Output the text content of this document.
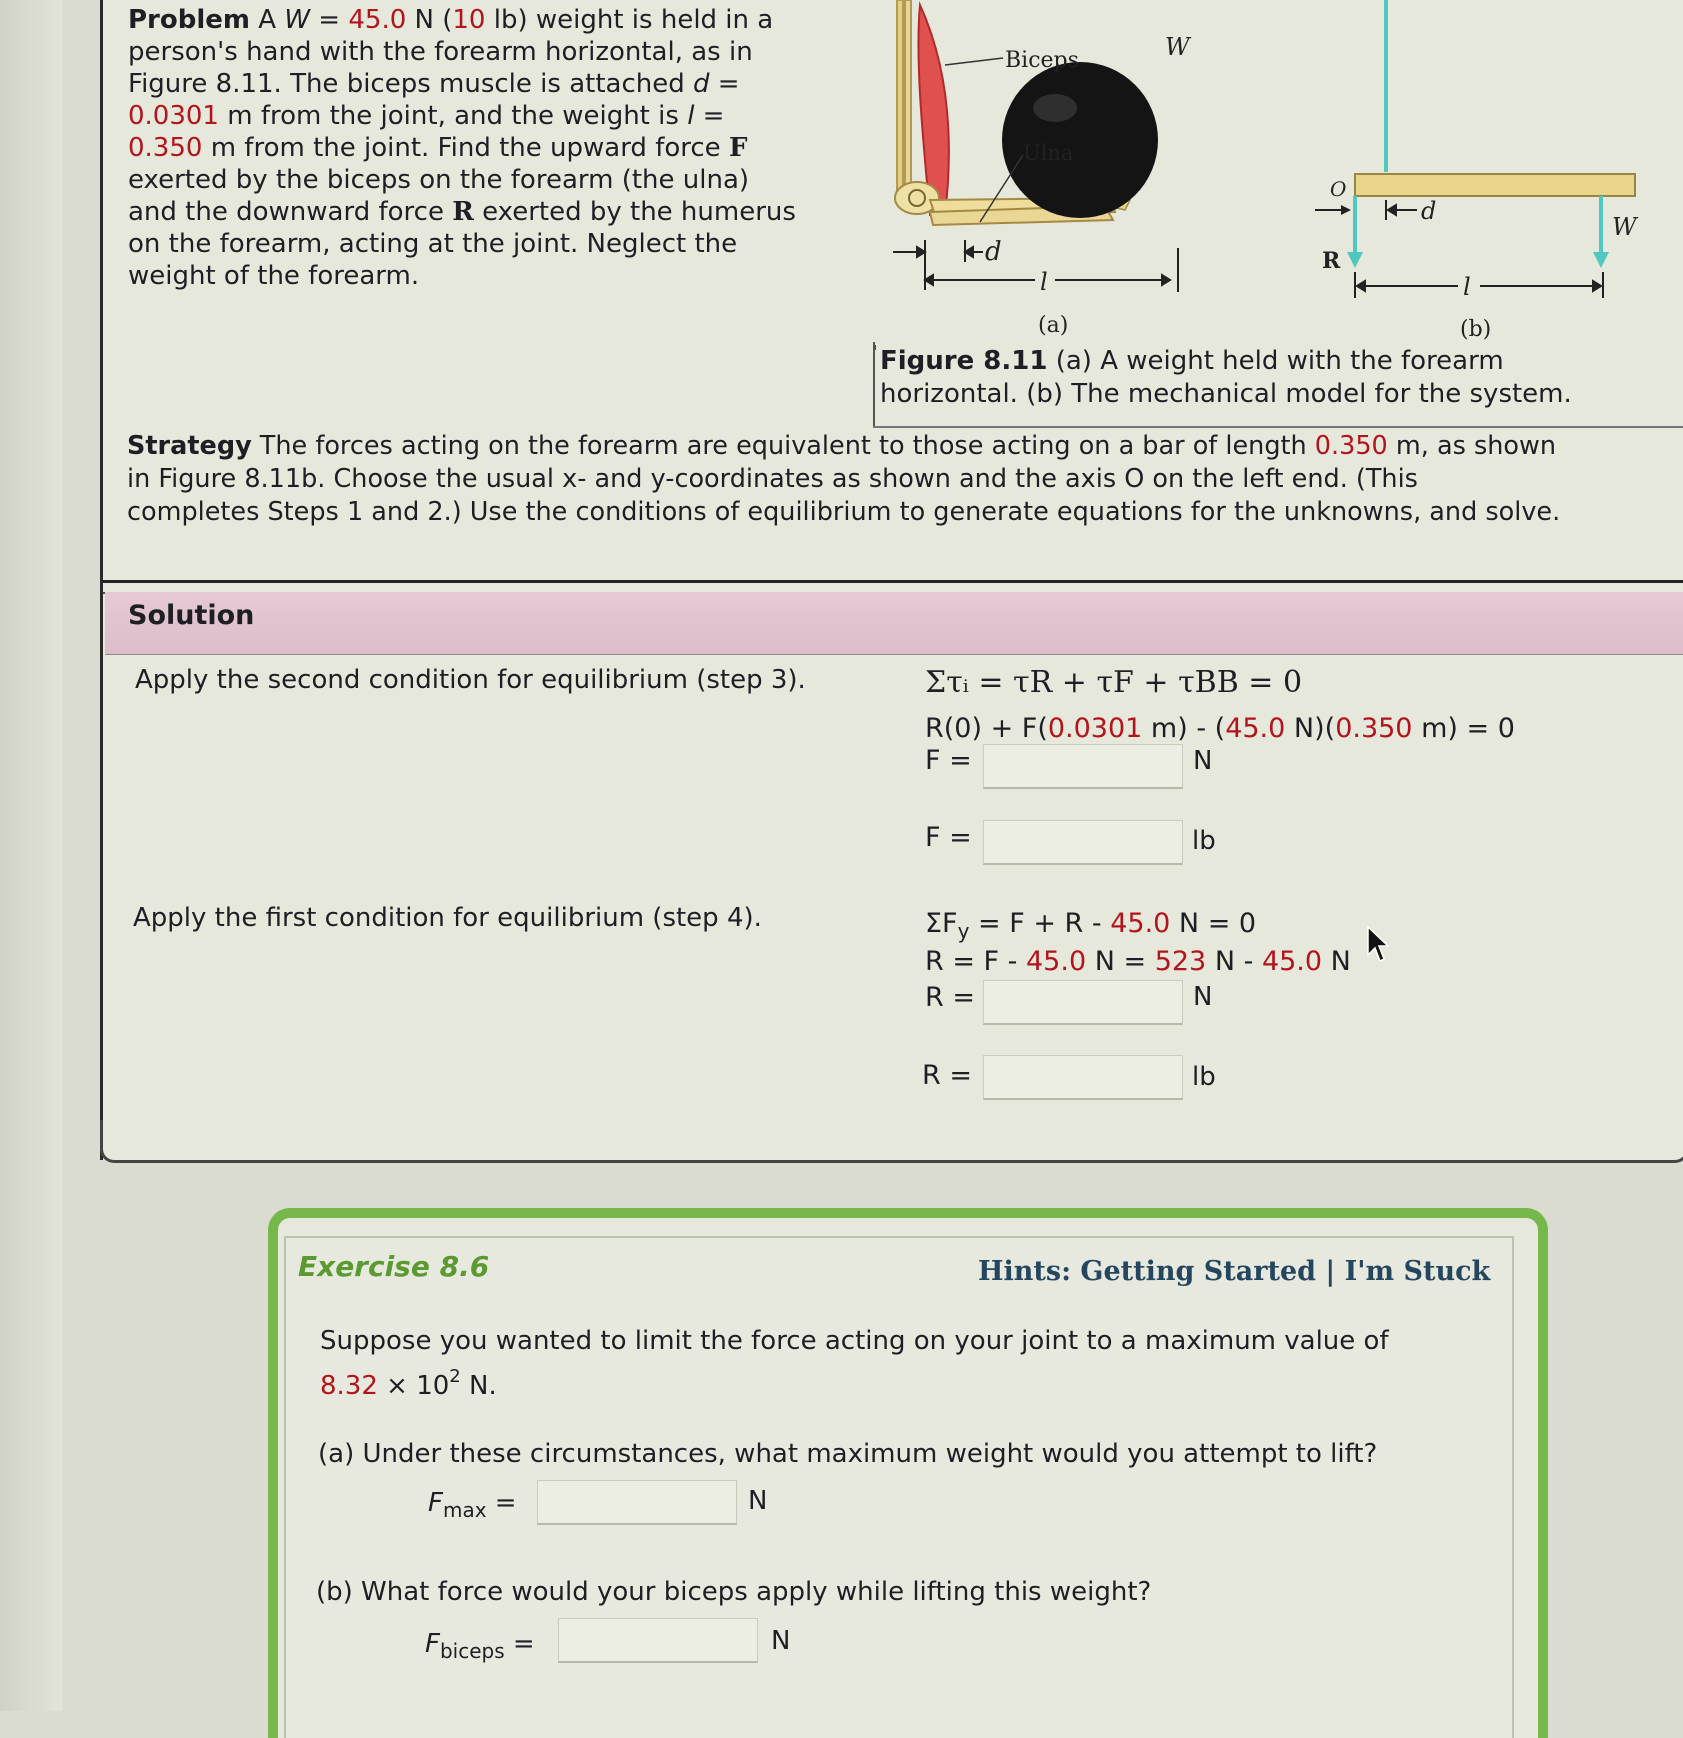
Problem A W = 45.0 N (10 lb) weight is held in a
person's hand with the forearm horizontal, as in
Figure 8.11. The biceps muscle is attached d =
0.0301 m from the joint, and the weight is l =
0.350 m from the joint. Find the upward force F
exerted by the biceps on the forearm (the ulna)
and the downward force R exerted by the humerus
on the forearm, acting at the joint. Neglect the
weight of the forearm.
Biceps	W
Ulna
d
l
(a)
O
R
d
W
l
(b)
Figure 8.11 (a) A weight held with the forearm
horizontal. (b) The mechanical model for the system.
Strategy The forces acting on the forearm are equivalent to those acting on a bar of length 0.350 m, as shown
in Figure 8.11b. Choose the usual x- and y-coordinates as shown and the axis O on the left end. (This
completes Steps 1 and 2.) Use the conditions of equilibrium to generate equations for the unknowns, and solve.
Solution
Apply the second condition for equilibrium (step 3).	Στᵢ = τR + τF + τBB = 0
R(0) + F(0.0301 m) - (45.0 N)(0.350 m) = 0
F =	N
F =	lb
Apply the first condition for equilibrium (step 4).	$\Sigma F_y = F + R - 45.0$ N = 0
R = F - 45.0 N = 523 N - 45.0 N
R =	N
R =	lb
Exercise 8.6	Hints: Getting Started | I'm Stuck
Suppose you wanted to limit the force acting on your joint to a maximum value of
$8.32 \times 10^2$ N.
(a) Under these circumstances, what maximum weight would you attempt to lift?
$F_{max}$ =	N
(b) What force would your biceps apply while lifting this weight?
$F_{biceps}$ =	N
